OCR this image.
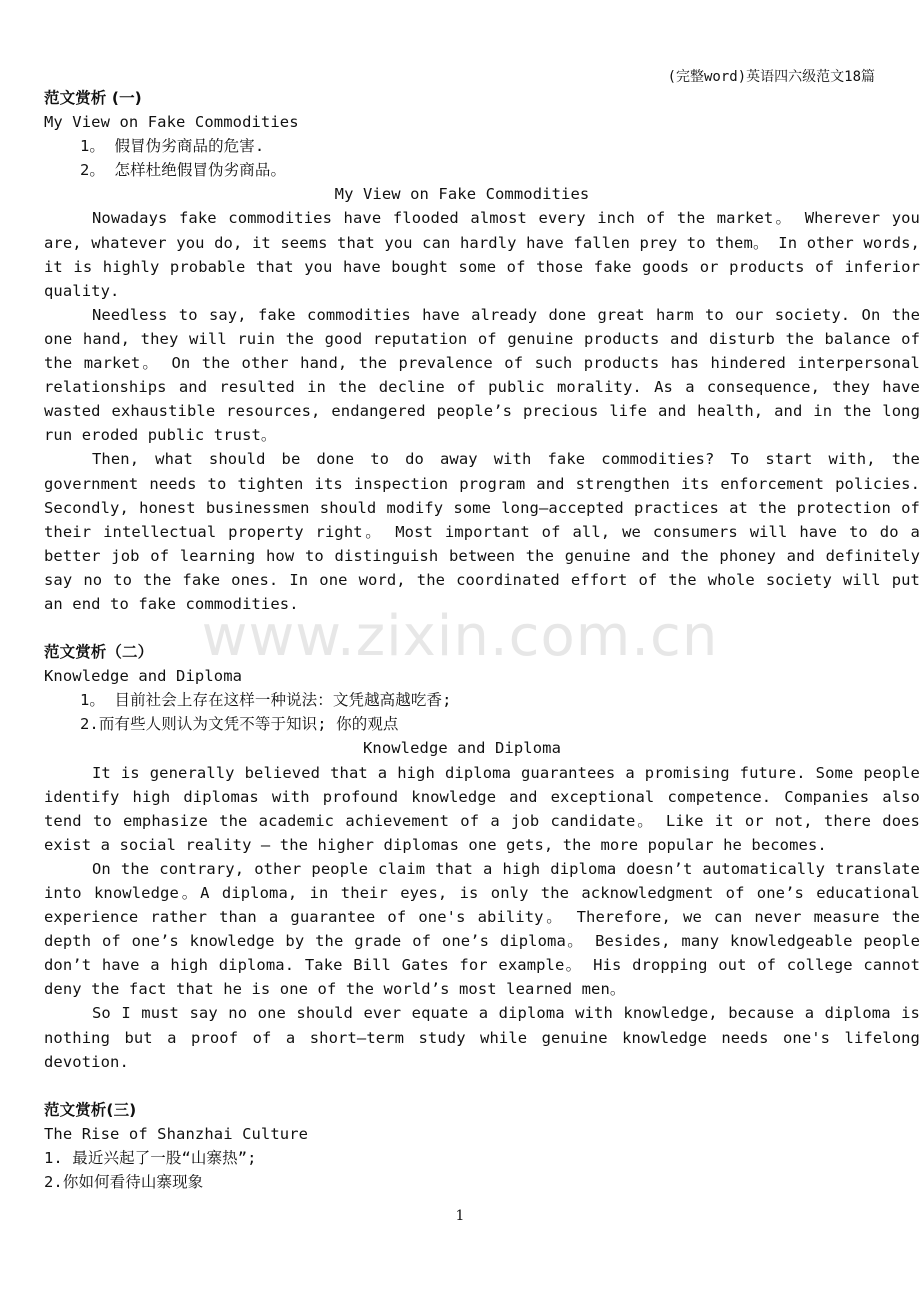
(完整word)英语四六级范文18篇
www.zixin.com.cn
范文赏析 (一)
My View on Fake Commodities
1。 假冒伪劣商品的危害.
2。 怎样杜绝假冒伪劣商品。
My View on Fake Commodities

Nowadays fake commodities have flooded almost every inch of the market。 Wherever you are, whatever you do, it seems that you can hardly have fallen prey to them。 In other words, it is highly probable that you have bought some of those fake goods or products of inferior quality.

Needless to say, fake commodities have already done great harm to our society. On the one hand, they will ruin the good reputation of genuine products and disturb the balance of the market。 On the other hand, the prevalence of such products has hindered interpersonal relationships and resulted in the decline of public morality. As a consequence, they have wasted exhaustible resources, endangered people’s precious life and health, and in the long run eroded public trust。

Then, what should be done to do away with fake commodities? To start with, the government needs to tighten its inspection program and strengthen its enforcement policies. Secondly, honest businessmen should modify some long—accepted practices at the protection of their intellectual property right。 Most important of all, we consumers will have to do a better job of learning how to distinguish between the genuine and the phoney and definitely say no to the fake ones. In one word, the coordinated effort of the whole society will put an end to fake commodities.

范文赏析（二）
Knowledge and Diploma
1。 目前社会上存在这样一种说法：文凭越高越吃香;
2.而有些人则认为文凭不等于知识; 你的观点
Knowledge and Diploma

It is generally believed that a high diploma guarantees a promising future. Some people identify high diplomas with profound knowledge and exceptional competence. Companies also tend to emphasize the academic achievement of a job candidate。 Like it or not, there does exist a social reality – the higher diplomas one gets, the more popular he becomes.

On the contrary, other people claim that a high diploma doesn’t automatically translate into knowledge。A diploma, in their eyes, is only the acknowledgment of one’s educational experience rather than a guarantee of one's ability。 Therefore, we can never measure the depth of one’s knowledge by the grade of one’s diploma。 Besides, many knowledgeable people don’t have a high diploma. Take Bill Gates for example。 His dropping out of college cannot deny the fact that he is one of the world’s most learned men。

So I must say no one should ever equate a diploma with knowledge, because a diploma is nothing but a proof of a short—term study while genuine knowledge needs one's lifelong devotion.

范文赏析(三)
The Rise of Shanzhai Culture
1. 最近兴起了一股“山寨热”;
2.你如何看待山寨现象
1
